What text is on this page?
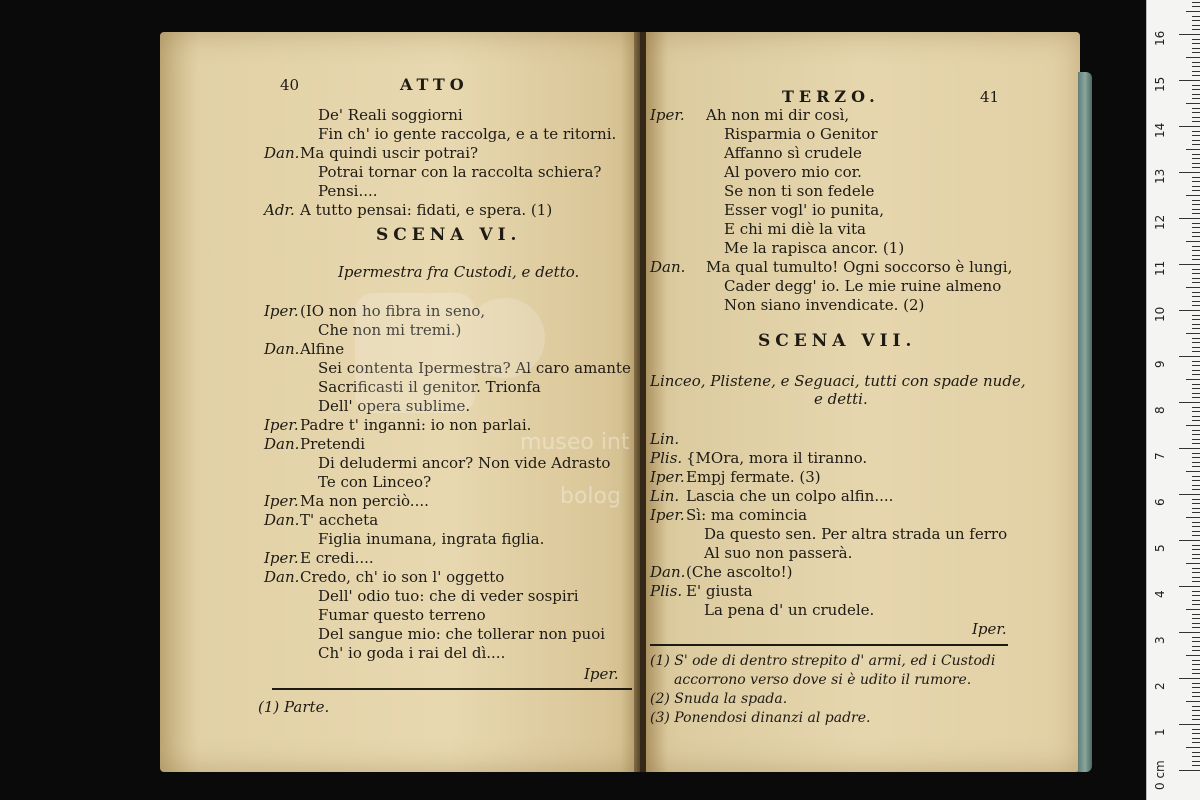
40	ATTO
De' Reali soggiorni
Fin ch' io gente raccolga, e a te ritorni.
Dan. Ma quindi uscir potrai?
Potrai tornar con la raccolta schiera?
Pensi....
Adr. A tutto pensai: fidati, e spera. (1)
SCENA VI.
Ipermestra fra Custodi, e detto.
Iper. (IO non ho fibra in seno,
Che non mi tremi.)
Dan. Alfine
Sei contenta Ipermestra? Al caro amante
Sacrificasti il genitor. Trionfa
Dell' opera sublime.
Iper. Padre t' inganni: io non parlai.
Dan. Pretendi
Di deludermi ancor? Non vide Adrasto
Te con Linceo?
Iper. Ma non perciò....
Dan. T' accheta
Figlia inumana, ingrata figlia.
Iper. E credi....
Dan. Credo, ch' io son l' oggetto
Dell' odio tuo: che di veder sospiri
Fumar questo terreno
Del sangue mio: che tollerar non puoi
Ch' io goda i rai del dì....
Iper.
(1) Parte.
TERZO.	41
Iper. Ah non mi dir così,
Risparmia o Genitor
Affanno sì crudele
Al povero mio cor.
Se non ti son fedele
Esser vogl' io punita,
E chi mi diè la vita
Me la rapisca ancor. (1)
Dan. Ma qual tumulto! Ogni soccorso è lungi,
Cader degg' io. Le mie ruine almeno
Non siano invendicate. (2)
SCENA VII.
Linceo, Plistene, e Seguaci, tutti con spade nude,
e detti.
Lin.
Plis. {MOra, mora il tiranno.
Iper. Empj fermate. (3)
Lin. Lascia che un colpo alfin....
Iper. Sì: ma comincia
Da questo sen. Per altra strada un ferro
Al suo non passerà.
Dan. (Che ascolto!)
Plis. E' giusta
La pena d' un crudele.
Iper.
(1) S' ode di dentro strepito d' armi, ed i Custodi
accorrono verso dove si è udito il rumore.
(2) Snuda la spada.
(3) Ponendosi dinanzi al padre.
museo int
bolog
0 cm
1
2
3
4
5
6
7
8
9
10
11
12
13
14
15
16
